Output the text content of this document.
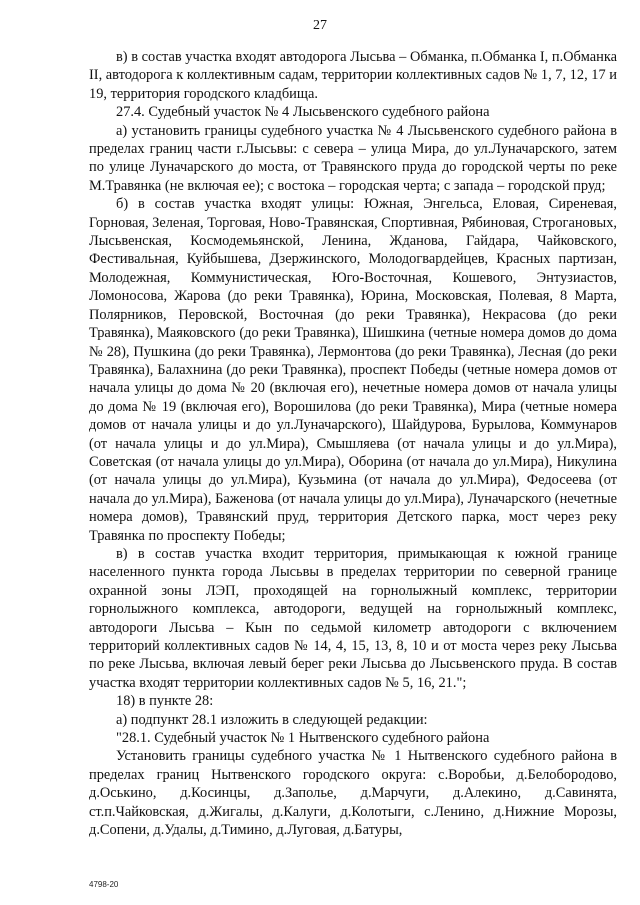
27

в) в состав участка входят автодорога Лысьва – Обманка, п.Обманка I, п.Обманка II, автодорога к коллективным садам, территории коллективных садов № 1, 7, 12, 17 и 19, территория городского кладбища.

27.4. Судебный участок № 4 Лысьвенского судебного района

а) установить границы судебного участка № 4 Лысьвенского судебного района в пределах границ части г.Лысьвы: с севера – улица Мира, до ул.Луначарского, затем по улице Луначарского до моста, от Травянского пруда до городской черты по реке М.Травянка (не включая ее); с востока – городская черта; с запада – городской пруд;

б) в состав участка входят улицы: Южная, Энгельса, Еловая, Сиреневая, Горновая, Зеленая, Торговая, Ново-Травянская, Спортивная, Рябиновая, Строгановых, Лысьвенская, Космодемьянской, Ленина, Жданова, Гайдара, Чайковского, Фестивальная, Куйбышева, Дзержинского, Молодогвардейцев, Красных партизан, Молодежная, Коммунистическая, Юго-Восточная, Кошевого, Энтузиастов, Ломоносова, Жарова (до реки Травянка), Юрина, Московская, Полевая, 8 Марта, Полярников, Перовской, Восточная (до реки Травянка), Некрасова (до реки Травянка), Маяковского (до реки Травянка), Шишкина (четные номера домов до дома № 28), Пушкина (до реки Травянка), Лермонтова (до реки Травянка), Лесная (до реки Травянка), Балахнина (до реки Травянка), проспект Победы (четные номера домов от начала улицы до дома № 20 (включая его), нечетные номера домов от начала улицы до дома № 19 (включая его), Ворошилова (до реки Травянка), Мира (четные номера домов от начала улицы и до ул.Луначарского), Шайдурова, Бурылова, Коммунаров (от начала улицы и до ул.Мира), Смышляева (от начала улицы и до ул.Мира), Советская (от начала улицы до ул.Мира), Оборина (от начала до ул.Мира), Никулина (от начала улицы до ул.Мира), Кузьмина (от начала до ул.Мира), Федосеева (от начала до ул.Мира), Баженова (от начала улицы до ул.Мира), Луначарского (нечетные номера домов), Травянский пруд, территория Детского парка, мост через реку Травянка по проспекту Победы;

в) в состав участка входит территория, примыкающая к южной границе населенного пункта города Лысьвы в пределах территории по северной границе охранной зоны ЛЭП, проходящей на горнолыжный комплекс, территории горнолыжного комплекса, автодороги, ведущей на горнолыжный комплекс, автодороги Лысьва – Кын по седьмой километр автодороги с включением территорий коллективных садов № 14, 4, 15, 13, 8, 10 и от моста через реку Лысьва по реке Лысьва, включая левый берег реки Лысьва до Лысьвенского пруда. В состав участка входят территории коллективных садов № 5, 16, 21.";

18) в пункте 28:

а) подпункт 28.1 изложить в следующей редакции:

"28.1. Судебный участок № 1 Нытвенского судебного района

Установить границы судебного участка № 1 Нытвенского судебного района в пределах границ Нытвенского городского округа: с.Воробьи, д.Белобородово, д.Оськино, д.Косинцы, д.Заполье, д.Марчуги, д.Алекино, д.Савинята, ст.п.Чайковская, д.Жигалы, д.Калуги, д.Колотыги, с.Ленино, д.Нижние Морозы, д.Сопени, д.Удалы, д.Тимино, д.Луговая, д.Батуры,

4798-20
